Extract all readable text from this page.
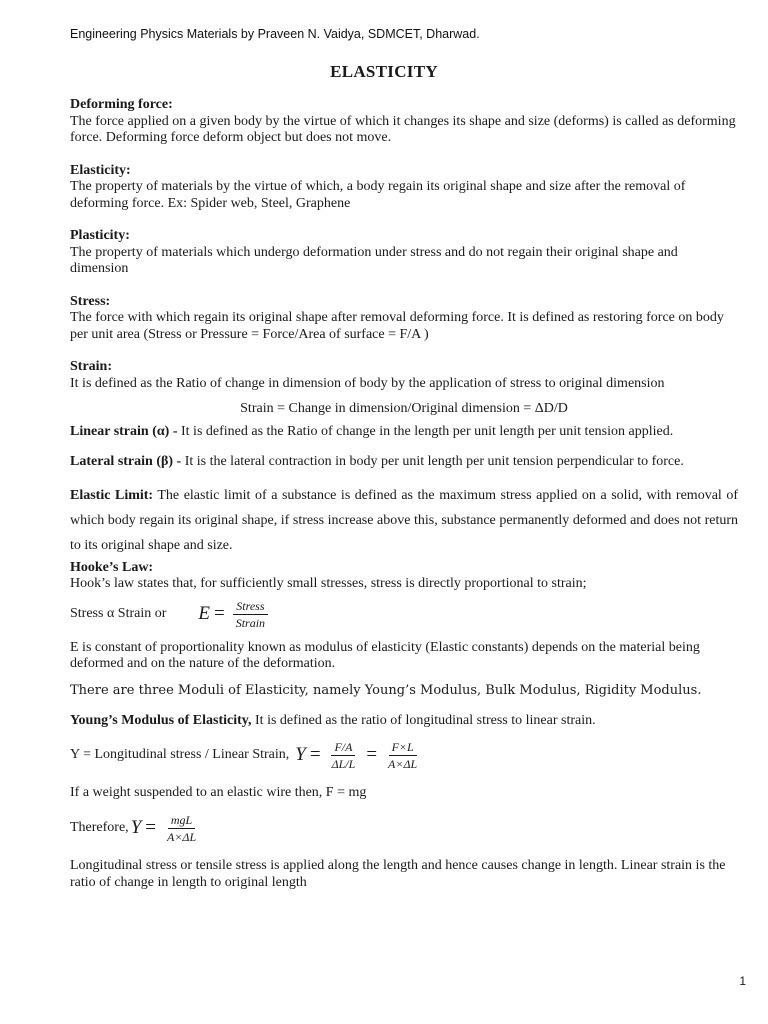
Engineering Physics Materials by Praveen N. Vaidya, SDMCET, Dharwad.
ELASTICITY
Deforming force:
The force applied on a given body by the virtue of which it changes its shape and size (deforms) is called as deforming force. Deforming force deform object but does not move.
Elasticity:
The property of materials by the virtue of which, a body regain its original shape and size after the removal of deforming force. Ex: Spider web, Steel, Graphene
Plasticity:
The property of materials which undergo deformation under stress and do not regain their original shape and dimension
Stress:
The force with which regain its original shape after removal deforming force. It is defined as restoring force on body per unit area (Stress or Pressure = Force/Area of surface = F/A )
Strain:
It is defined as the Ratio of change in dimension of body by the application of stress to original dimension
Strain = Change in dimension/Original dimension = ΔD/D
Linear strain (α) - It is defined as the Ratio of change in the length per unit length per unit tension applied.
Lateral strain (β) - It is the lateral contraction in body per unit length per unit tension perpendicular to force.
Elastic Limit: The elastic limit of a substance is defined as the maximum stress applied on a solid, with removal of which body regain its original shape, if stress increase above this, substance permanently deformed and does not return to its original shape and size.
Hooke’s Law:
Hook’s law states that, for sufficiently small stresses, stress is directly proportional to strain;
Stress α Strain or $E = \frac{\text{Stress}}{\text{Strain}}$
E is constant of proportionality known as modulus of elasticity (Elastic constants) depends on the material being deformed and on the nature of the deformation.
There are three Moduli of Elasticity, namely Young’s Modulus, Bulk Modulus, Rigidity Modulus.
Young’s Modulus of Elasticity, It is defined as the ratio of longitudinal stress to linear strain.
Y = Longitudinal stress / Linear Strain, $Y = \frac{F/A}{\Delta L/L} = \frac{F\times L}{A\times\Delta L}$
If a weight suspended to an elastic wire then, F = mg
Therefore, $Y = \frac{\text{mgL}}{A\times\Delta L}$
Longitudinal stress or tensile stress is applied along the length and hence causes change in length. Linear strain is the ratio of change in length to original length
1
